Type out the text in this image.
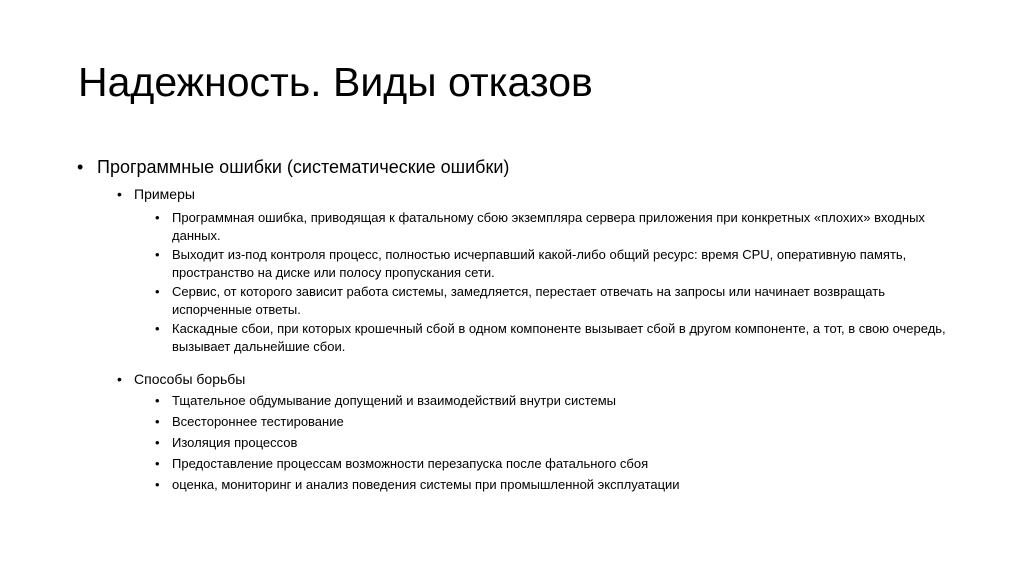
Надежность. Виды отказов
• Программные ошибки (систематические ошибки)
• Примеры
• Программная ошибка, приводящая к фатальному сбою экземпляра сервера приложения при конкретных «плохих» входных данных.
• Выходит из-под контроля процесс, полностью исчерпавший какой-либо общий ресурс: время CPU, оперативную память, пространство на диске или полосу пропускания сети.
• Сервис, от которого зависит работа системы, замедляется, перестает отвечать на запросы или начинает возвращать испорченные ответы.
• Каскадные сбои, при которых крошечный сбой в одном компоненте вызывает сбой в другом компоненте, а тот, в свою очередь, вызывает дальнейшие сбои.
• Способы борьбы
• Тщательное обдумывание допущений и взаимодействий внутри системы
• Всестороннее тестирование
• Изоляция процессов
• Предоставление процессам возможности перезапуска после фатального сбоя
• оценка, мониторинг и анализ поведения системы при промышленной эксплуатации
